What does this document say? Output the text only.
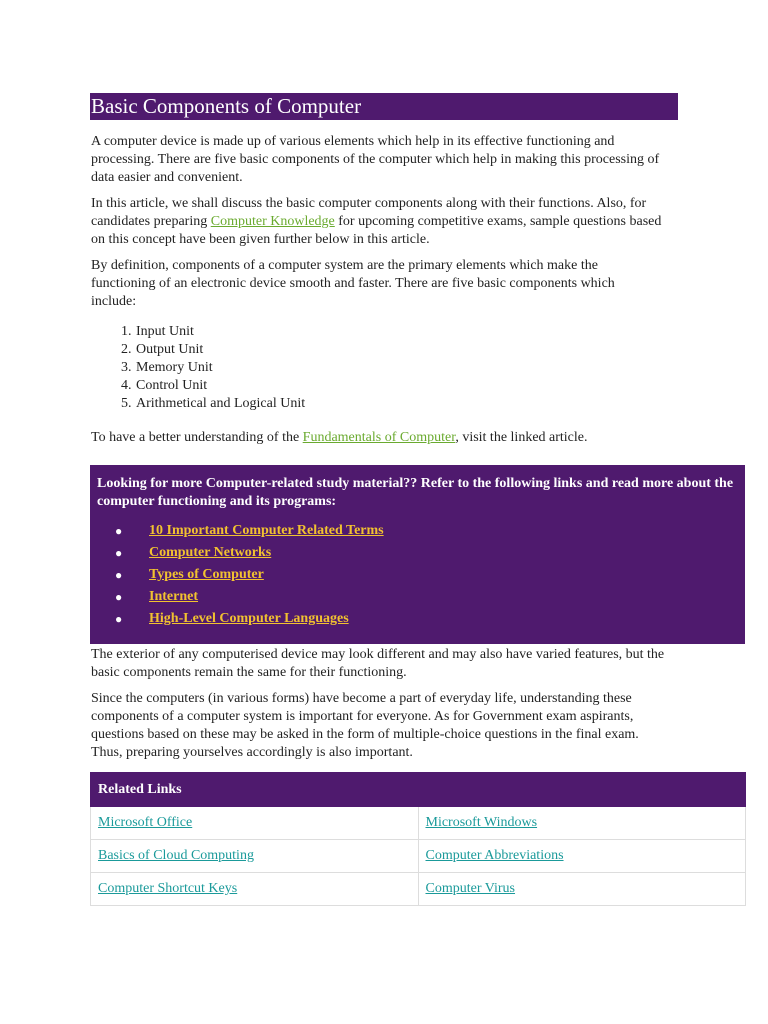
Basic Components of Computer

A computer device is made up of various elements which help in its effective functioning and processing. There are five basic components of the computer which help in making this processing of data easier and convenient.

In this article, we shall discuss the basic computer components along with their functions. Also, for candidates preparing Computer Knowledge for upcoming competitive exams, sample questions based on this concept have been given further below in this article.

By definition, components of a computer system are the primary elements which make the functioning of an electronic device smooth and faster. There are five basic components which include:

1. Input Unit
2. Output Unit
3. Memory Unit
4. Control Unit
5. Arithmetical and Logical Unit

To have a better understanding of the Fundamentals of Computer, visit the linked article.

Looking for more Computer-related study material?? Refer to the following links and read more about the computer functioning and its programs:

● 10 Important Computer Related Terms
● Computer Networks
● Types of Computer
● Internet
● High-Level Computer Languages

The exterior of any computerised device may look different and may also have varied features, but the basic components remain the same for their functioning.

Since the computers (in various forms) have become a part of everyday life, understanding these components of a computer system is important for everyone. As for Government exam aspirants, questions based on these may be asked in the form of multiple-choice questions in the final exam. Thus, preparing yourselves accordingly is also important.

Related Links	
Microsoft Office	Microsoft Windows
Basics of Cloud Computing	Computer Abbreviations
Computer Shortcut Keys	Computer Virus
